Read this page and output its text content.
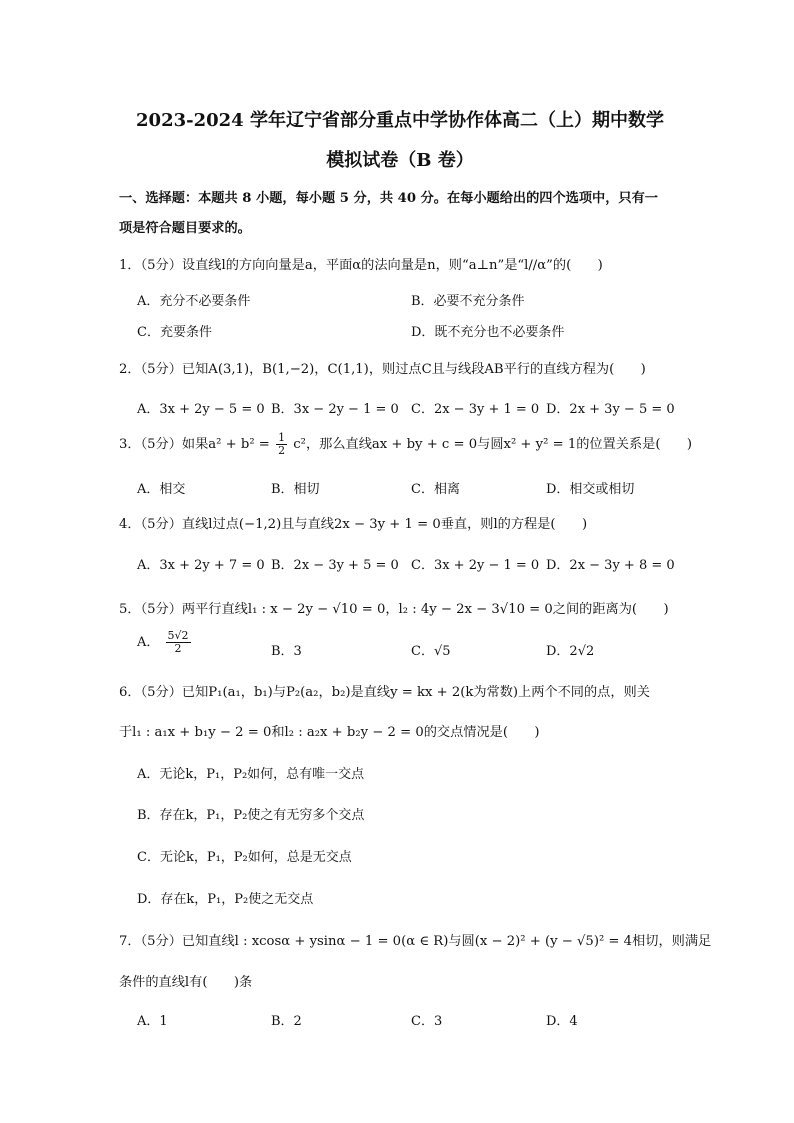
2023-2024 学年辽宁省部分重点中学协作体高二（上）期中数学
模拟试卷（B 卷）
一、选择题：本题共 8 小题，每小题 5 分，共 40 分。在每小题给出的四个选项中，只有一
项是符合题目要求的。
1．（5分）设直线l的方向向量是a，平面α的法向量是n，则“a⊥n”是“l//α”的(　　)
A．充分不必要条件	B．必要不充分条件
C．充要条件	D．既不充分也不必要条件
2．（5分）已知A(3,1)，B(1,−2)，C(1,1)，则过点C且与线段AB平行的直线方程为(　　)
A．3x + 2y − 5 = 0 B．3x − 2y − 1 = 0 C．2x − 3y + 1 = 0 D．2x + 3y − 5 = 0
3．（5分）如果$a^2 + b^2 = \frac{1}{2} c^2$，那么直线ax + by + c = 0与圆x² + y² = 1的位置关系是(　　)
A．相交	B．相切	C．相离	D．相交或相切
4．（5分）直线l过点(−1,2)且与直线2x − 3y + 1 = 0垂直，则l的方程是(　　)
A．3x + 2y + 7 = 0 B．2x − 3y + 5 = 0 C．3x + 2y − 1 = 0 D．2x − 3y + 8 = 0
5．（5分）两平行直线l₁ : x − 2y − √10 = 0，l₂ : 4y − 2x − 3√10 = 0之间的距离为(　　)
A． $\frac{5√2}{2}$	B．3	C．√5	D．2√2
6．（5分）已知P₁(a₁，b₁)与P₂(a₂，b₂)是直线y = kx + 2(k为常数)上两个不同的点，则关
于l₁ : a₁x + b₁y − 2 = 0和l₂ : a₂x + b₂y − 2 = 0的交点情况是(　　)
A．无论k，P₁，P₂如何，总有唯一交点
B．存在k，P₁，P₂使之有无穷多个交点
C．无论k，P₁，P₂如何，总是无交点
D．存在k，P₁，P₂使之无交点
7．（5分）已知直线l : xcosα + ysinα − 1 = 0(α ∈ R)与圆(x − 2)² + (y − √5)² = 4相切，则满足
条件的直线l有(　　)条
A．1	B．2	C．3	D．4
